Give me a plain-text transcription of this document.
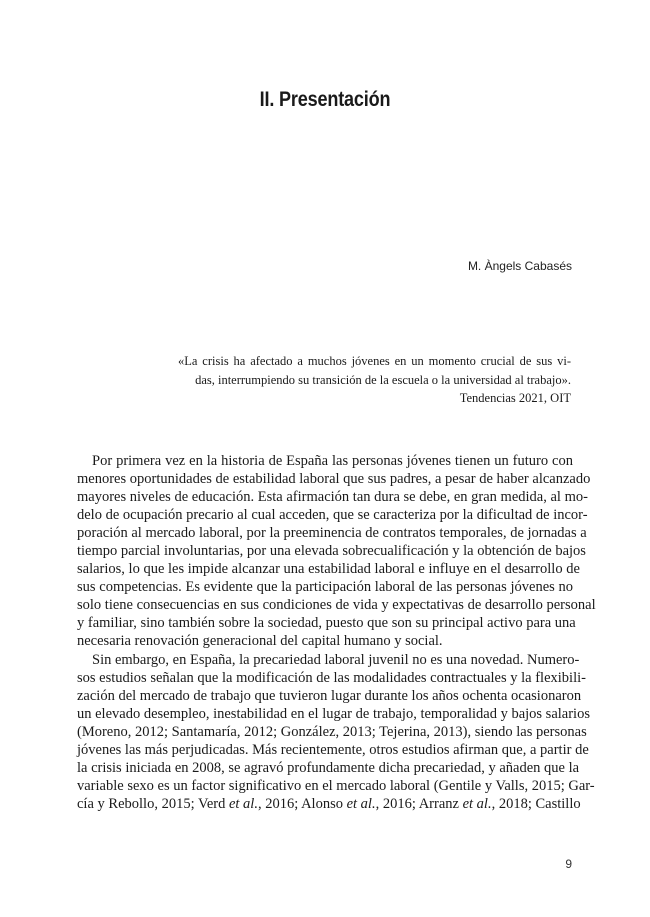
II. Presentación
M. Àngels Cabasés
«La crisis ha afectado a muchos jóvenes en un momento crucial de sus vi-
das, interrumpiendo su transición de la escuela o la universidad al trabajo».
Tendencias 2021, OIT
Por primera vez en la historia de España las personas jóvenes tienen un futuro con
menores oportunidades de estabilidad laboral que sus padres, a pesar de haber alcanzado
mayores niveles de educación. Esta afirmación tan dura se debe, en gran medida, al mo-
delo de ocupación precario al cual acceden, que se caracteriza por la dificultad de incor-
poración al mercado laboral, por la preeminencia de contratos temporales, de jornadas a
tiempo parcial involuntarias, por una elevada sobrecualificación y la obtención de bajos
salarios, lo que les impide alcanzar una estabilidad laboral e influye en el desarrollo de
sus competencias. Es evidente que la participación laboral de las personas jóvenes no
solo tiene consecuencias en sus condiciones de vida y expectativas de desarrollo personal
y familiar, sino también sobre la sociedad, puesto que son su principal activo para una
necesaria renovación generacional del capital humano y social.
Sin embargo, en España, la precariedad laboral juvenil no es una novedad. Numero-
sos estudios señalan que la modificación de las modalidades contractuales y la flexibili-
zación del mercado de trabajo que tuvieron lugar durante los años ochenta ocasionaron
un elevado desempleo, inestabilidad en el lugar de trabajo, temporalidad y bajos salarios
(Moreno, 2012; Santamaría, 2012; González, 2013; Tejerina, 2013), siendo las personas
jóvenes las más perjudicadas. Más recientemente, otros estudios afirman que, a partir de
la crisis iniciada en 2008, se agravó profundamente dicha precariedad, y añaden que la
variable sexo es un factor significativo en el mercado laboral (Gentile y Valls, 2015; Gar-
cía y Rebollo, 2015; Verd et al., 2016; Alonso et al., 2016; Arranz et al., 2018; Castillo
9
